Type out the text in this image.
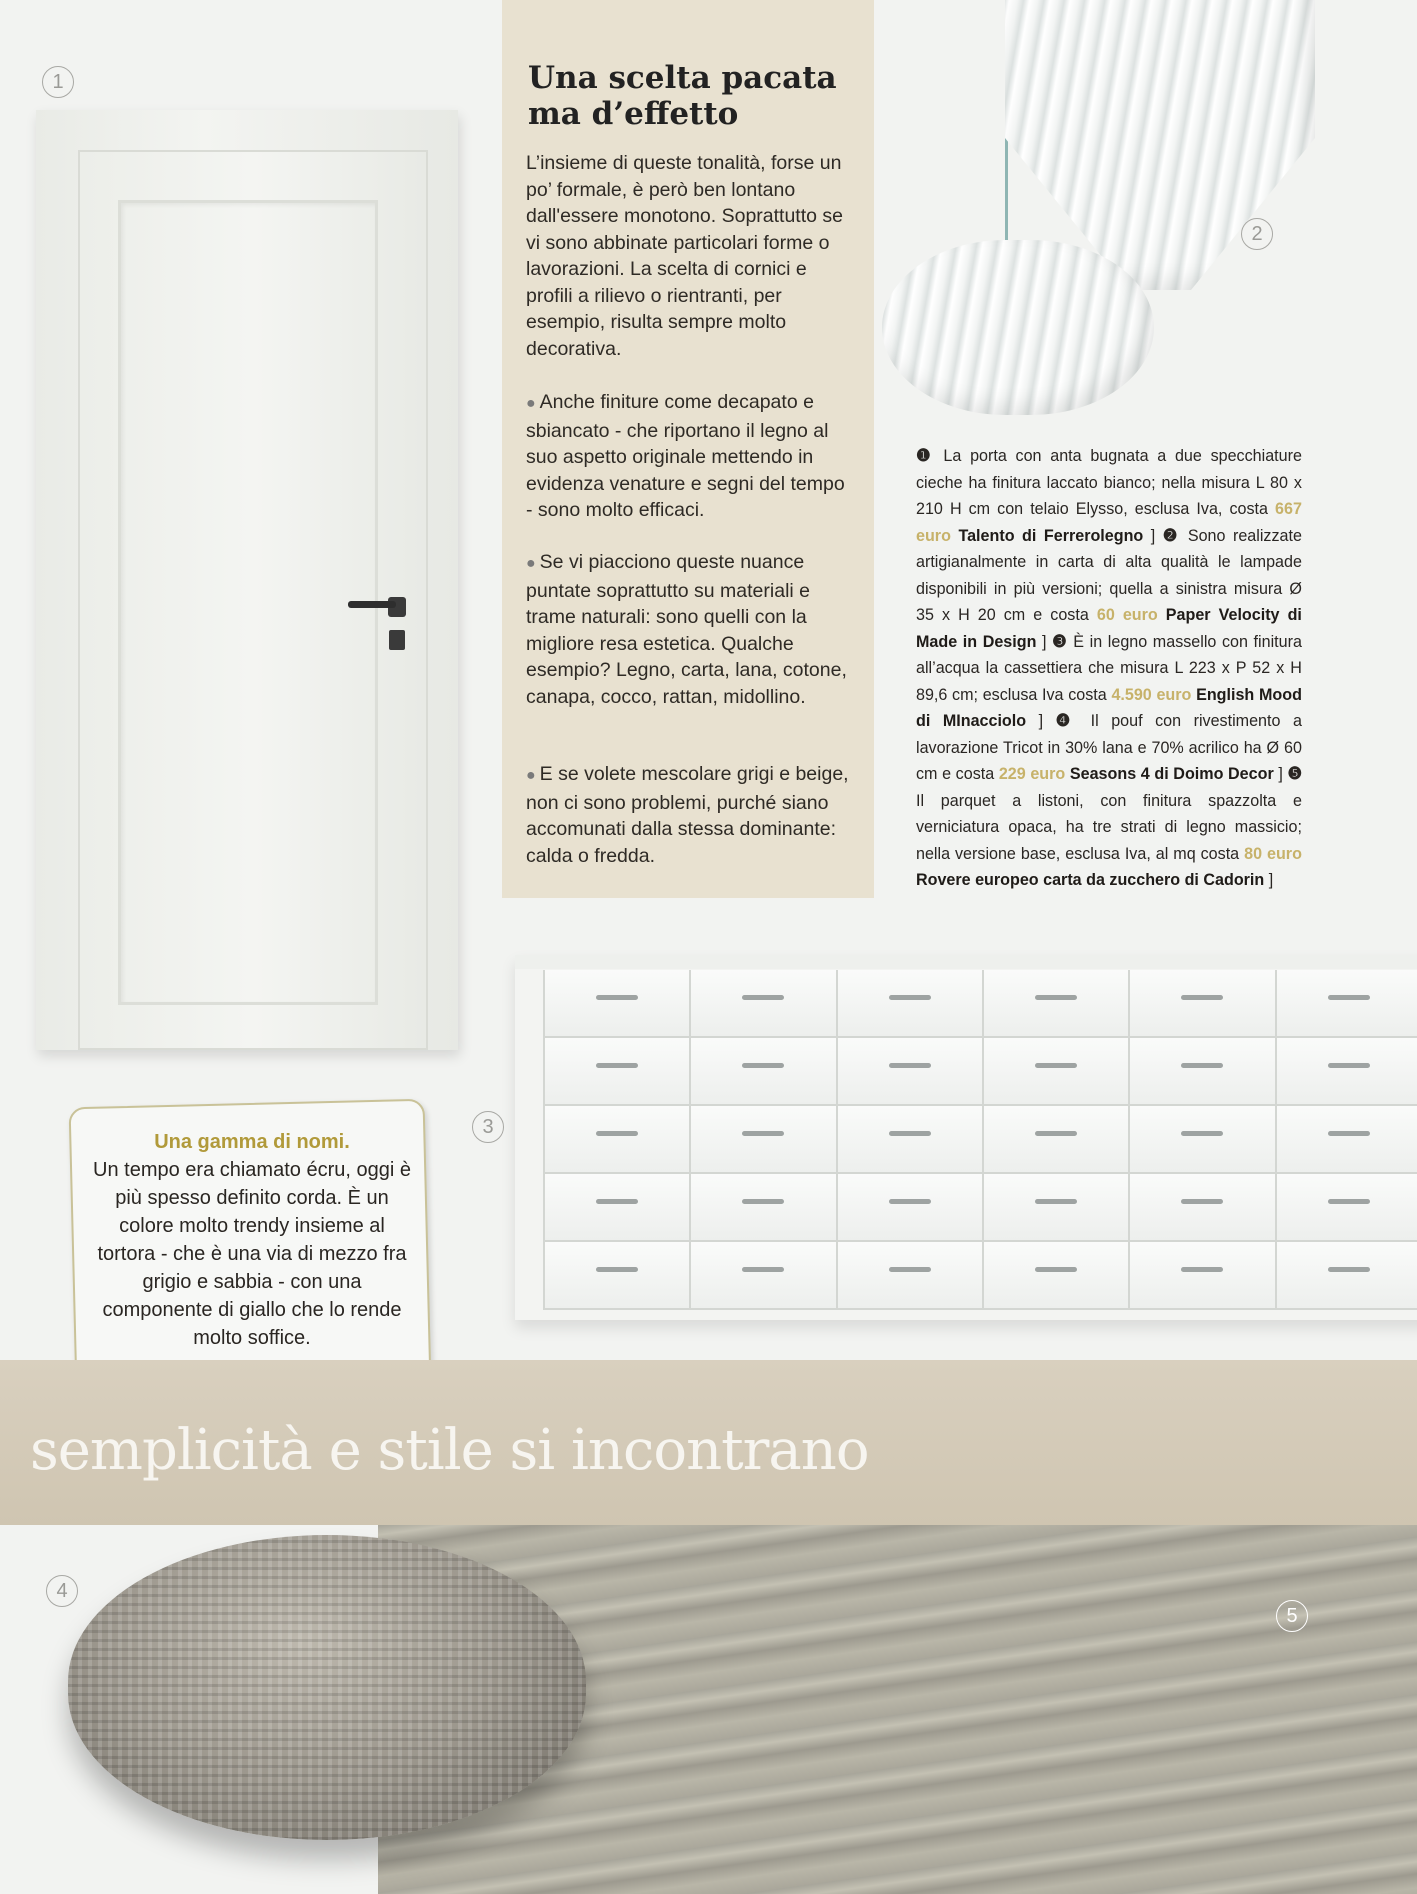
1	Una scelta pacata ma d’effetto

L’insieme di queste tonalità, forse un po’ formale, è però ben lontano dall'essere monotono. Soprattutto se vi sono abbinate particolari forme o lavorazioni. La scelta di cornici e profili a rilievo o rientranti, per esempio, risulta sempre molto decorativa.

● Anche finiture come decapato e sbiancato - che riportano il legno al suo aspetto originale mettendo in evidenza venature e segni del tempo - sono molto efficaci.

● Se vi piacciono queste nuance puntate soprattutto su materiali e trame naturali: sono quelli con la migliore resa estetica. Qualche esempio? Legno, carta, lana, cotone, canapa, cocco, rattan, midollino.

● E se volete mescolare grigi e beige, non ci sono problemi, purché siano accomunati dalla stessa dominante: calda o fredda.

2
❶ La porta con anta bugnata a due specchiature cieche ha finitura laccato bianco; nella misura L 80 x 210 H cm con telaio Elysso, esclusa Iva, costa 667 euro Talento di Ferrerolegno ] ❷ Sono realizzate artigianalmente in carta di alta qualità le lampade disponibili in più versioni; quella a sinistra misura Ø 35 x H 20 cm e costa 60 euro Paper Velocity di Made in Design ] ❸ È in legno massello con finitura all’acqua la cassettiera che misura L 223 x P 52 x H 89,6 cm; esclusa Iva costa 4.590 euro English Mood di MInacciolo ] ❹ Il pouf con rivestimento a lavorazione Tricot in 30% lana e 70% acrilico ha Ø 60 cm e costa 229 euro Seasons 4 di Doimo Decor ] ❺ Il parquet a listoni, con finitura spazzolta e verniciatura opaca, ha tre strati di legno massicio; nella versione base, esclusa Iva, al mq costa 80 euro Rovere europeo carta da zucchero di Cadorin ]
3
Una gamma di nomi.
Un tempo era chiamato écru, oggi è più spesso definito corda. È un colore molto trendy insieme al tortora - che è una via di mezzo fra grigio e sabbia - con una componente di giallo che lo rende molto soffice.
semplicità e stile si incontrano
5
4
